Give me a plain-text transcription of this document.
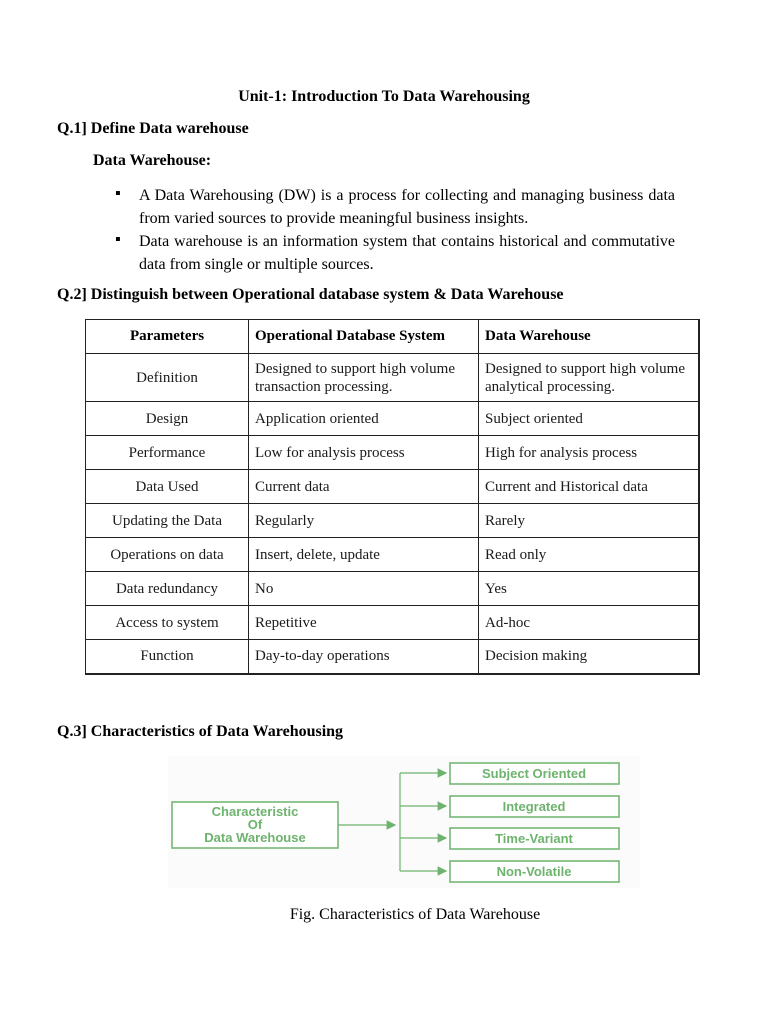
Unit-1: Introduction To Data Warehousing
Q.1] Define Data warehouse
Data Warehouse:
▪ A Data Warehousing (DW) is a process for collecting and managing business data from varied sources to provide meaningful business insights.
▪ Data warehouse is an information system that contains historical and commutative data from single or multiple sources.
Q.2] Distinguish between Operational database system & Data Warehouse
Parameters	Operational Database System	Data Warehouse
Definition	Designed to support high volume transaction processing.	Designed to support high volume analytical processing.
Design	Application oriented	Subject oriented
Performance	Low for analysis process	High for analysis process
Data Used	Current data	Current and Historical data
Updating the Data	Regularly	Rarely
Operations on data	Insert, delete, update	Read only
Data redundancy	No	Yes
Access to system	Repetitive	Ad-hoc
Function	Day-to-day operations	Decision making
Q.3] Characteristics of Data Warehousing
Characteristic
Of
Data Warehouse
Subject Oriented
Integrated
Time-Variant
Non-Volatile
Fig. Characteristics of Data Warehouse
